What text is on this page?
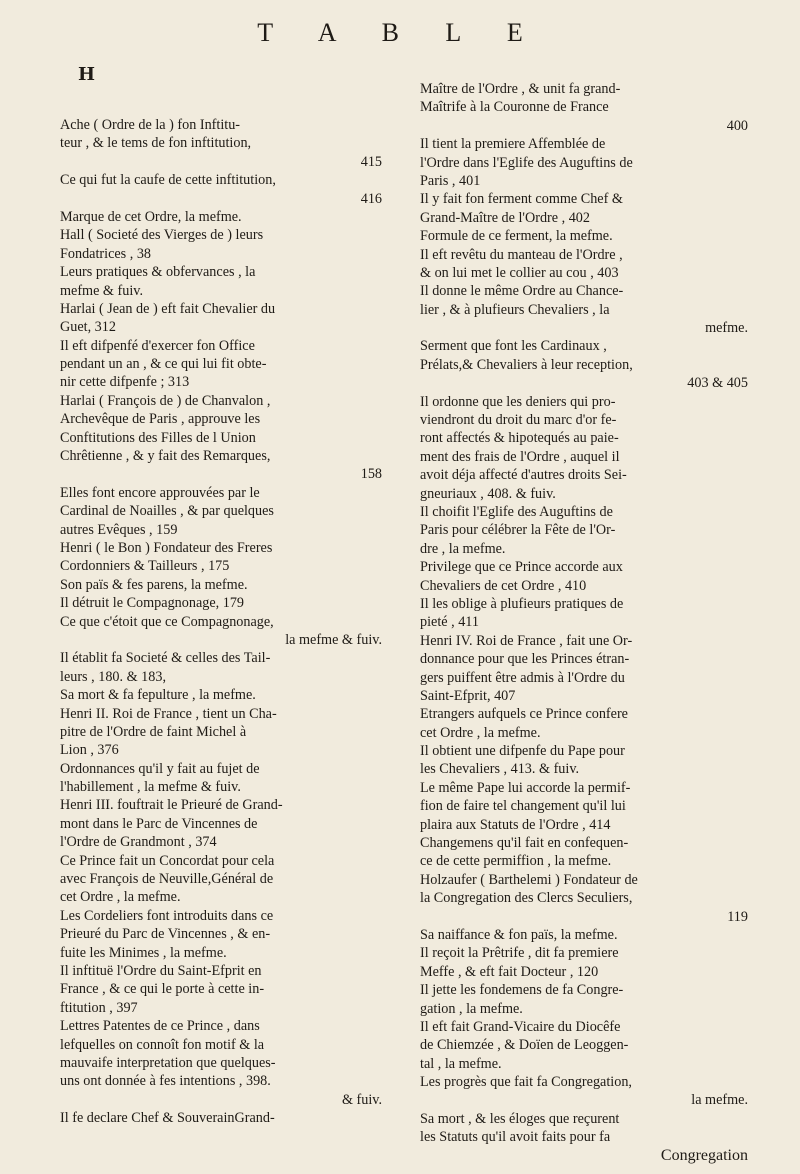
T A B L E
H
Ache ( Ordre de la ) fon Inftitu-
teur , & le tems de fon inftitution,
415
Ce qui fut la caufe de cette inftitution,
416
Marque de cet Ordre, la mefme.
Hall ( Societé des Vierges de ) leurs
Fondatrices , 38
Leurs pratiques & obfervances , la
mefme & fuiv.
Harlai ( Jean de ) eft fait Chevalier du
Guet, 312
Il eft difpenfé d'exercer fon Office
pendant un an , & ce qui lui fit obte-
nir cette difpenfe ; 313
Harlai ( François de ) de Chanvalon ,
Archevêque de Paris , approuve les
Conftitutions des Filles de l Union
Chrêtienne , & y fait des Remarques,
158
Elles font encore approuvées par le
Cardinal de Noailles , & par quelques
autres Evêques , 159
Henri ( le Bon ) Fondateur des Freres
Cordonniers & Tailleurs , 175
Son païs & fes parens, la mefme.
Il détruit le Compagnonage, 179
Ce que c'étoit que ce Compagnonage,
la mefme & fuiv.
Il établit fa Societé & celles des Tail-
leurs , 180. & 183,
Sa mort & fa fepulture , la mefme.
Henri II. Roi de France , tient un Cha-
pitre de l'Ordre de faint Michel à
Lion , 376
Ordonnances qu'il y fait au fujet de
l'habillement , la mefme & fuiv.
Henri III. fouftrait le Prieuré de Grand-
mont dans le Parc de Vincennes de
l'Ordre de Grandmont , 374
Ce Prince fait un Concordat pour cela
avec François de Neuville,Général de
cet Ordre , la mefme.
Les Cordeliers font introduits dans ce
Prieuré du Parc de Vincennes , & en-
fuite les Minimes , la mefme.
Il inftituë l'Ordre du Saint-Efprit en
France , & ce qui le porte à cette in-
ftitution , 397
Lettres Patentes de ce Prince , dans
lefquelles on connoît fon motif & la
mauvaife interpretation que quelques-
uns ont donnée à fes intentions , 398.
& fuiv.
Il fe declare Chef & SouverainGrand-
Maître de l'Ordre , & unit fa grand-
Maîtrife à la Couronne de France
400
Il tient la premiere Affemblée de
l'Ordre dans l'Eglife des Auguftins de
Paris , 401
Il y fait fon ferment comme Chef &
Grand-Maître de l'Ordre , 402
Formule de ce ferment, la mefme.
Il eft revêtu du manteau de l'Ordre ,
& on lui met le collier au cou , 403
Il donne le même Ordre au Chance-
lier , & à plufieurs Chevaliers , la
mefme.
Serment que font les Cardinaux ,
Prélats,& Chevaliers à leur reception,
403 & 405
Il ordonne que les deniers qui pro-
viendront du droit du marc d'or fe-
ront affectés & hipotequés au paie-
ment des frais de l'Ordre , auquel il
avoit déja affecté d'autres droits Sei-
gneuriaux , 408. & fuiv.
Il choifit l'Eglife des Auguftins de
Paris pour célébrer la Fête de l'Or-
dre , la mefme.
Privilege que ce Prince accorde aux
Chevaliers de cet Ordre , 410
Il les oblige à plufieurs pratiques de
pieté , 411
Henri IV. Roi de France , fait une Or-
donnance pour que les Princes étran-
gers puiffent être admis à l'Ordre du
Saint-Efprit, 407
Etrangers aufquels ce Prince confere
cet Ordre , la mefme.
Il obtient une difpenfe du Pape pour
les Chevaliers , 413. & fuiv.
Le même Pape lui accorde la permif-
fion de faire tel changement qu'il lui
plaira aux Statuts de l'Ordre , 414
Changemens qu'il fait en confequen-
ce de cette permiffion , la mefme.
Holzaufer ( Barthelemi ) Fondateur de
la Congregation des Clercs Seculiers,
119
Sa naiffance & fon païs, la mefme.
Il reçoit la Prêtrife , dit fa premiere
Meffe , & eft fait Docteur , 120
Il jette les fondemens de fa Congre-
gation , la mefme.
Il eft fait Grand-Vicaire du Diocêfe
de Chiemzée , & Doïen de Leoggen-
tal , la mefme.
Les progrès que fait fa Congregation,
la mefme.
Sa mort , & les éloges que reçurent
les Statuts qu'il avoit faits pour fa
Congregation
